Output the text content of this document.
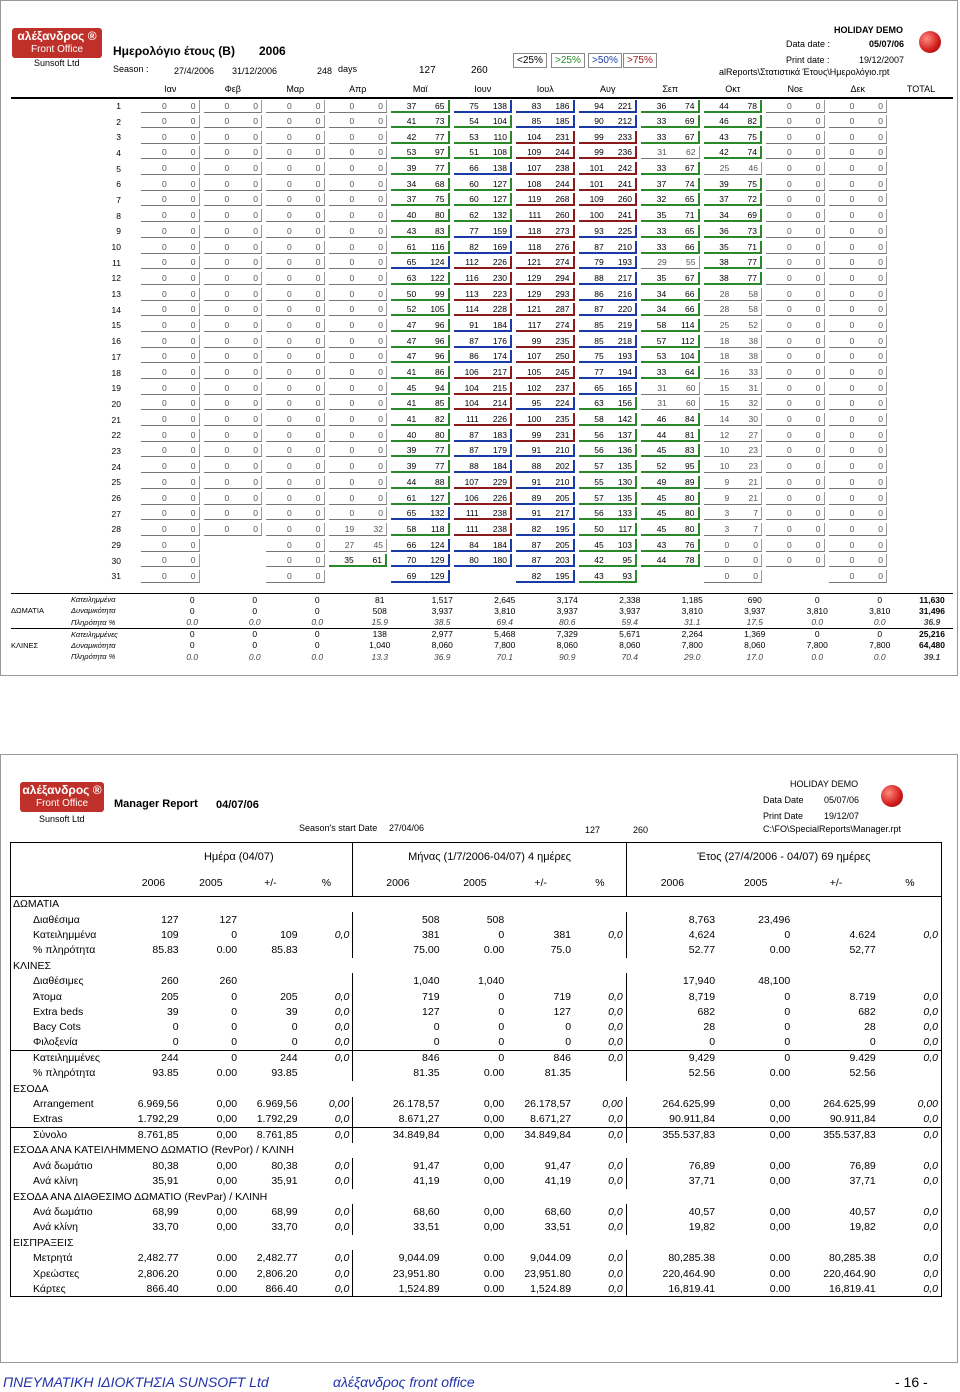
αλέξανδρος ®
Front Office
Sunsoft Ltd
Ημερολόγιο έτους (Β) 2006
Season :	27/4/2006 31/12/2006	248 days	127	260
<25%	>25%	>50% >75%
HOLIDAY DEMO
Data date :	05/07/06
Print date :	19/12/2007
alReports\Στατιστικά Έτους\Ημερολόγιο.rpt
	Ιαν	Φεβ	Μαρ	Απρ	Μαϊ	Ιουν	Ιουλ	Αυγ	Σεπ	Οκτ	Νοε	Δεκ	TOTAL
1	0 0	0 0	0 0	0 0	37 65	75 138	83 186	94 221	36 74	44 78	0 0	0 0	

2	0 0	0 0	0 0	0 0	41 73	54 104	85 185	90 212	33 69	46 82	0 0	0 0	

3	0 0	0 0	0 0	0 0	42 77	53 110	104 231	99 233	33 67	43 75	0 0	0 0	

4	0 0	0 0	0 0	0 0	53 97	51 108	109 244	99 236	31 62	42 74	0 0	0 0	

5	0 0	0 0	0 0	0 0	39 77	66 138	107 238	101 242	33 67	25 46	0 0	0 0	

6	0 0	0 0	0 0	0 0	34 68	60 127	108 244	101 241	37 74	39 75	0 0	0 0	

7	0 0	0 0	0 0	0 0	37 75	60 127	119 268	109 260	32 65	37 72	0 0	0 0	

8	0 0	0 0	0 0	0 0	40 80	62 132	111 260	100 241	35 71	34 69	0 0	0 0	

9	0 0	0 0	0 0	0 0	43 83	77 159	118 273	93 225	33 65	36 73	0 0	0 0	

10	0 0	0 0	0 0	0 0	61 116	82 169	118 276	87 210	33 66	35 71	0 0	0 0	

11	0 0	0 0	0 0	0 0	65 124	112 226	121 274	79 193	29 55	38 77	0 0	0 0	

12	0 0	0 0	0 0	0 0	63 122	116 230	129 294	88 217	35 67	38 77	0 0	0 0	

13	0 0	0 0	0 0	0 0	50 99	113 223	129 293	86 216	34 66	28 58	0 0	0 0	

14	0 0	0 0	0 0	0 0	52 105	114 228	121 287	87 220	34 66	28 58	0 0	0 0	

15	0 0	0 0	0 0	0 0	47 96	91 184	117 274	85 219	58 114	25 52	0 0	0 0	

16	0 0	0 0	0 0	0 0	47 96	87 176	99 235	85 218	57 112	18 38	0 0	0 0	

17	0 0	0 0	0 0	0 0	47 96	86 174	107 250	75 193	53 104	18 38	0 0	0 0	

18	0 0	0 0	0 0	0 0	41 86	106 217	105 245	77 194	33 64	16 33	0 0	0 0	

19	0 0	0 0	0 0	0 0	45 94	104 215	102 237	65 165	31 60	15 31	0 0	0 0	

20	0 0	0 0	0 0	0 0	41 85	104 214	95 224	63 156	31 60	15 32	0 0	0 0	

21	0 0	0 0	0 0	0 0	41 82	111 226	100 235	58 142	46 84	14 30	0 0	0 0	

22	0 0	0 0	0 0	0 0	40 80	87 183	99 231	56 137	44 81	12 27	0 0	0 0	

23	0 0	0 0	0 0	0 0	39 77	87 179	91 210	56 136	45 83	10 23	0 0	0 0	

24	0 0	0 0	0 0	0 0	39 77	88 184	88 202	57 135	52 95	10 23	0 0	0 0	

25	0 0	0 0	0 0	0 0	44 88	107 229	91 210	55 130	49 89	9 21	0 0	0 0	

26	0 0	0 0	0 0	0 0	61 127	106 226	89 205	57 135	45 80	9 21	0 0	0 0	

27	0 0	0 0	0 0	0 0	65 132	111 238	91 217	56 133	45 80	3 7	0 0	0 0	

28	0 0	0 0	0 0	19 32	58 118	111 238	82 195	50 117	45 80	3 7	0 0	0 0	

29	0 0		0 0	27 45	66 124	84 184	87 205	45 103	43 76	0 0	0 0	0 0	

30	0 0		0 0	35 61	70 129	80 180	87 203	42 95	44 78	0 0	0 0	0 0	

31	0 0		0 0		69 129		82 195	43 93		0 0		0 0	

	Κατειλημμένα	0	0	0	81	1,517	2,645	3,174	2,338	1,185	690	0	0	11,630
ΔΩΜΑΤΙΑ	Δυναμικότητα	0	0	0	508	3,937	3,810	3,937	3,937	3,810	3,937	3,810	3,810	31,496
	Πληρότητα %	0.0	0.0	0.0	15.9	38.5	69.4	80.6	59.4	31.1	17.5	0.0	0.0	36.9
	Κατειλημμένες	0	0	0	138	2,977	5,468	7,329	5,671	2,264	1,369	0	0	25,216
ΚΛΙΝΕΣ	Δυναμικότητα	0	0	0	1,040	8,060	7,800	8,060	8,060	7,800	8,060	7,800	7,800	64,480
	Πληρότητα %	0.0	0.0	0.0	13.3	36.9	70.1	90.9	70.4	29.0	17.0	0.0	0.0	39.1
αλέξανδρος ®
Front Office
Sunsoft Ltd
Manager Report 04/07/06
Season's start Date 27/04/06	127	260
HOLIDAY DEMO
Data Date 05/07/06
Print Date 19/12/07
C:\FO\SpecialReports\Manager.rpt
	Ημέρα (04/07)				Μήνας (1/7/2006-04/07) 4 ημέρες				Έτος (27/4/2006 - 04/07) 69 ημέρες			
	2006	2005	+/-	%	2006	2005	+/-	%	2006	2005	+/-	%
ΔΩΜΑΤΙΑ												
Διαθέσιμα	127	127			508	508			8,763	23,496		
Κατειλημμένα	109	0	109	0,0	381	0	381	0,0	4,624	0	4.624	0,0
% πληρότητα	85.83	0.00	85.83		75.00	0.00	75.0		52.77	0.00	52,77	
ΚΛΙΝΕΣ												
Διαθέσιμες	260	260			1,040	1,040			17,940	48,100		
Άτομα	205	0	205	0,0	719	0	719	0,0	8,719	0	8.719	0,0
Extra beds	39	0	39	0,0	127	0	127	0,0	682	0	682	0,0
Bacy Cots	0	0	0	0,0	0	0	0	0,0	28	0	28	0,0
Φιλοξενία	0	0	0	0,0	0	0	0	0,0	0	0	0	0,0
Κατειλημμένες	244	0	244	0,0	846	0	846	0,0	9,429	0	9.429	0,0
% πληρότητα	93.85	0.00	93.85		81.35	0.00	81.35		52.56	0.00	52.56	
ΕΣΟΔΑ												
Arrangement	6.969,56	0,00	6.969,56	0,00	26.178,57	0,00	26.178,57	0,00	264.625,99	0,00	264.625,99	0,00
Extras	1.792,29	0,00	1.792,29	0,0	8.671,27	0,00	8.671,27	0,0	90.911,84	0,00	90.911,84	0,0
Σύνολο	8.761,85	0,00	8.761,85	0,0	34.849,84	0,00	34.849,84	0,0	355.537,83	0,00	355.537,83	0,0
ΕΣΟΔΑ ΑΝΑ ΚΑΤΕΙΛΗΜΜΕΝΟ ΔΩΜΑΤΙΟ (RevPor) / ΚΛΙΝΗ												
Ανά δωμάτιο	80,38	0,00	80,38	0,0	91,47	0,00	91,47	0,0	76,89	0,00	76,89	0,0
Ανά κλίνη	35,91	0,00	35,91	0,0	41,19	0,00	41,19	0,0	37,71	0,00	37,71	0,0
ΕΣΟΔΑ ΑΝΑ ΔΙΑΘΕΣΙΜΟ ΔΩΜΑΤΙΟ (RevPar) / ΚΛΙΝΗ												
Ανά δωμάτιο	68,99	0,00	68,99	0,0	68,60	0,00	68,60	0,0	40,57	0,00	40,57	0,0
Ανά κλίνη	33,70	0,00	33,70	0,0	33,51	0,00	33,51	0,0	19,82	0,00	19,82	0,0
ΕΙΣΠΡΑΞΕΙΣ												
Μετρητά	2,482.77	0.00	2,482.77	0,0	9,044.09	0.00	9,044.09	0,0	80,285.38	0.00	80,285.38	0,0
Χρεώστες	2,806.20	0.00	2,806.20	0,0	23,951.80	0.00	23,951.80	0,0	220,464.90	0.00	220,464.90	0,0
Κάρτες	866.40	0.00	866.40	0,0	1,524.89	0.00	1,524.89	0,0	16,819.41	0.00	16,819.41	0,0
ΠΝΕΥΜΑΤΙΚΗ ΙΔΙΟΚΤΗΣΙΑ SUNSOFT Ltd	αλέξανδρος front office	- 16 -
